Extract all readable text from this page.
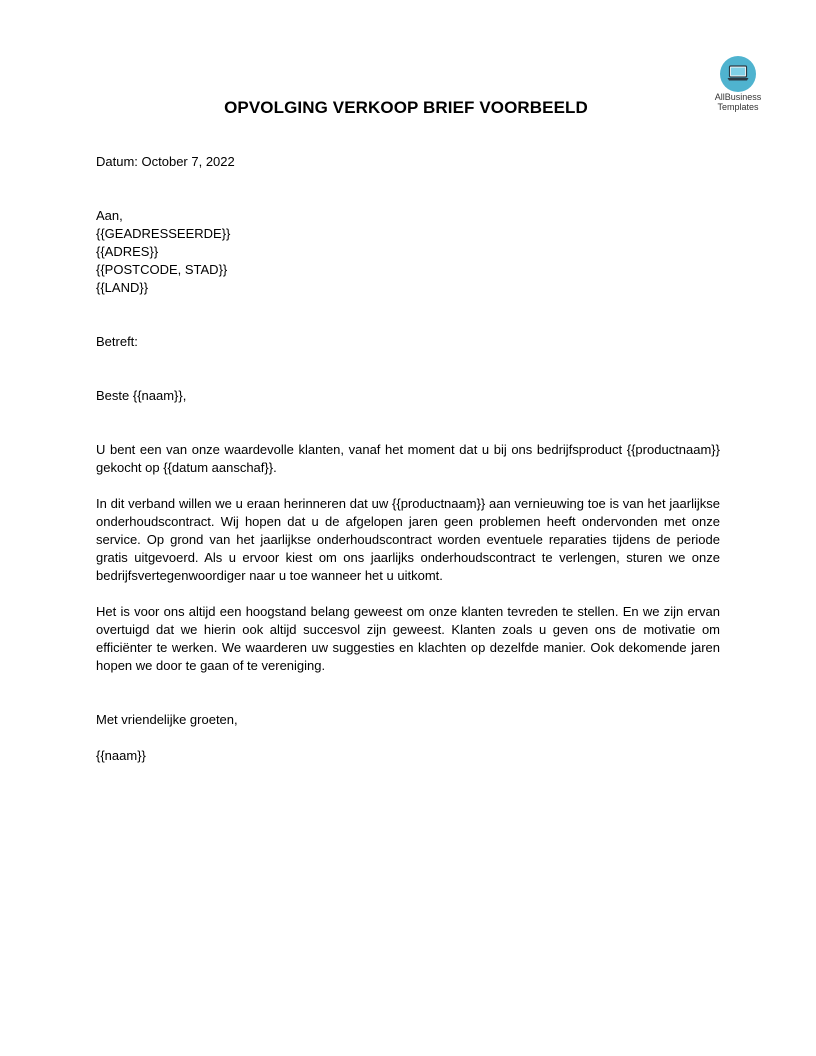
AllBusiness
Templates
OPVOLGING VERKOOP BRIEF VOORBEELD

Datum: October 7, 2022

Aan,
{{GEADRESSEERDE}}
{{ADRES}}
{{POSTCODE, STAD}}
{{LAND}}

Betreft:

Beste {{naam}},

U bent een van onze waardevolle klanten, vanaf het moment dat u bij ons bedrijfsproduct {{productnaam}} gekocht op {{datum aanschaf}}.

In dit verband willen we u eraan herinneren dat uw {{productnaam}} aan vernieuwing toe is van het jaarlijkse onderhoudscontract. Wij hopen dat u de afgelopen jaren geen problemen heeft ondervonden met onze service. Op grond van het jaarlijkse onderhoudscontract worden eventuele reparaties tijdens de periode gratis uitgevoerd. Als u ervoor kiest om ons jaarlijks onderhoudscontract te verlengen, sturen we onze bedrijfsvertegenwoordiger naar u toe wanneer het u uitkomt.

Het is voor ons altijd een hoogstand belang geweest om onze klanten tevreden te stellen. En we zijn ervan overtuigd dat we hierin ook altijd succesvol zijn geweest. Klanten zoals u geven ons de motivatie om efficiënter te werken. We waarderen uw suggesties en klachten op dezelfde manier. Ook dekomende jaren hopen we door te gaan of te vereniging.

Met vriendelijke groeten,

{{naam}}
